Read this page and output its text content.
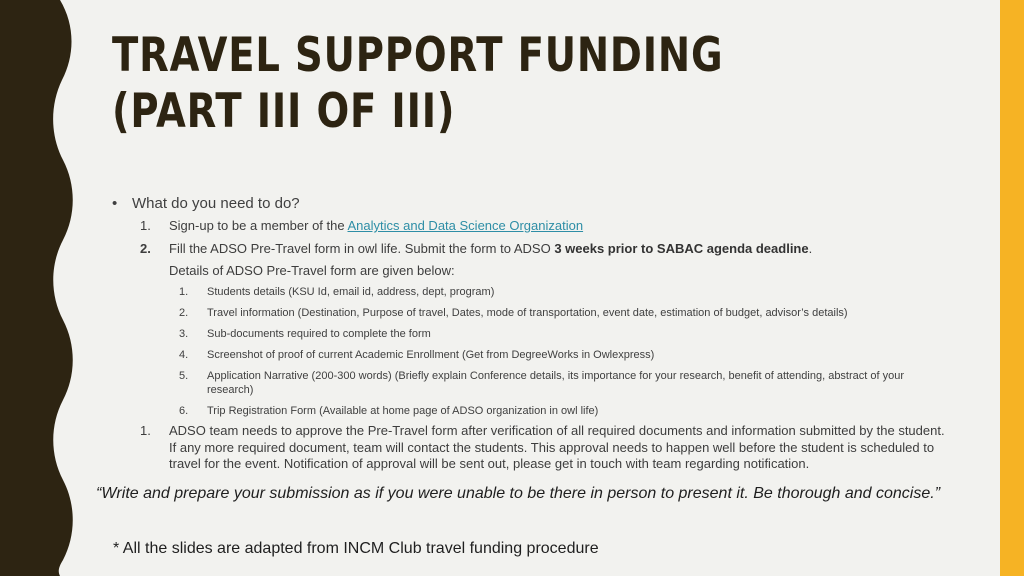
TRAVEL SUPPORT FUNDING (PART III OF III)
• What do you need to do?
1. Sign-up to be a member of the Analytics and Data Science Organization
2. Fill the ADSO Pre-Travel form in owl life. Submit the form to ADSO 3 weeks prior to SABAC agenda deadline.
Details of ADSO Pre-Travel form are given below:
1. Students details (KSU Id, email id, address, dept, program)
2. Travel information (Destination, Purpose of travel, Dates, mode of transportation, event date, estimation of budget, advisor’s details)
3. Sub-documents required to complete the form
4. Screenshot of proof of current Academic Enrollment (Get from DegreeWorks in Owlexpress)
5. Application Narrative (200-300 words) (Briefly explain Conference details, its importance for your research, benefit of attending, abstract of your research)
6. Trip Registration Form (Available at home page of ADSO organization in owl life)
1. ADSO team needs to approve the Pre-Travel form after verification of all required documents and information submitted by the student. If any more required document, team will contact the students. This approval needs to happen well before the student is scheduled to travel for the event. Notification of approval will be sent out, please get in touch with team regarding notification.
“Write and prepare your submission as if you were unable to be there in person to present it. Be thorough and concise.”
* All the slides are adapted from INCM Club travel funding procedure
